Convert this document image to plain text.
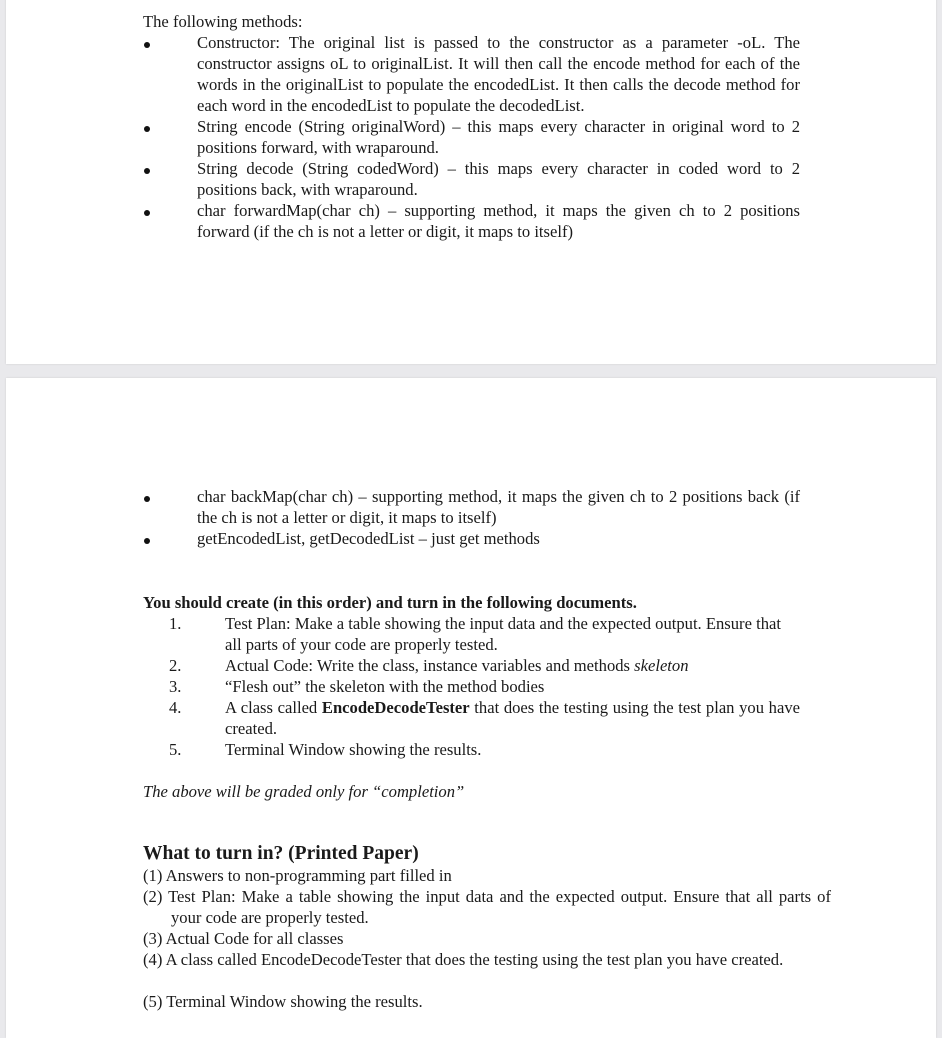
The following methods:
Constructor: The original list is passed to the constructor as a parameter -oL. The constructor assigns oL to originalList. It will then call the encode method for each of the words in the originalList to populate the encodedList. It then calls the decode method for each word in the encodedList to populate the decodedList.
String encode (String originalWord) – this maps every character in original word to 2 positions forward, with wraparound.
String decode (String codedWord) – this maps every character in coded word to 2 positions back, with wraparound.
char forwardMap(char ch) – supporting method, it maps the given ch to 2 positions forward (if the ch is not a letter or digit, it maps to itself)
char backMap(char ch) – supporting method, it maps the given ch to 2 positions back (if the ch is not a letter or digit, it maps to itself)
getEncodedList, getDecodedList – just get methods
You should create (in this order) and turn in the following documents.
1.	Test Plan: Make a table showing the input data and the expected output. Ensure that all parts of your code are properly tested.
2.	Actual Code: Write the class, instance variables and methods skeleton
3.	“Flesh out” the skeleton with the method bodies
4.	A class called EncodeDecodeTester that does the testing using the test plan you have created.
5.	Terminal Window showing the results.
The above will be graded only for “completion”
What to turn in? (Printed Paper)
(1) Answers to non-programming part filled in
(2) Test Plan: Make a table showing the input data and the expected output. Ensure that all parts of your code are properly tested.
(3) Actual Code for all classes
(4) A class called EncodeDecodeTester that does the testing using the test plan you have created.
(5) Terminal Window showing the results.
